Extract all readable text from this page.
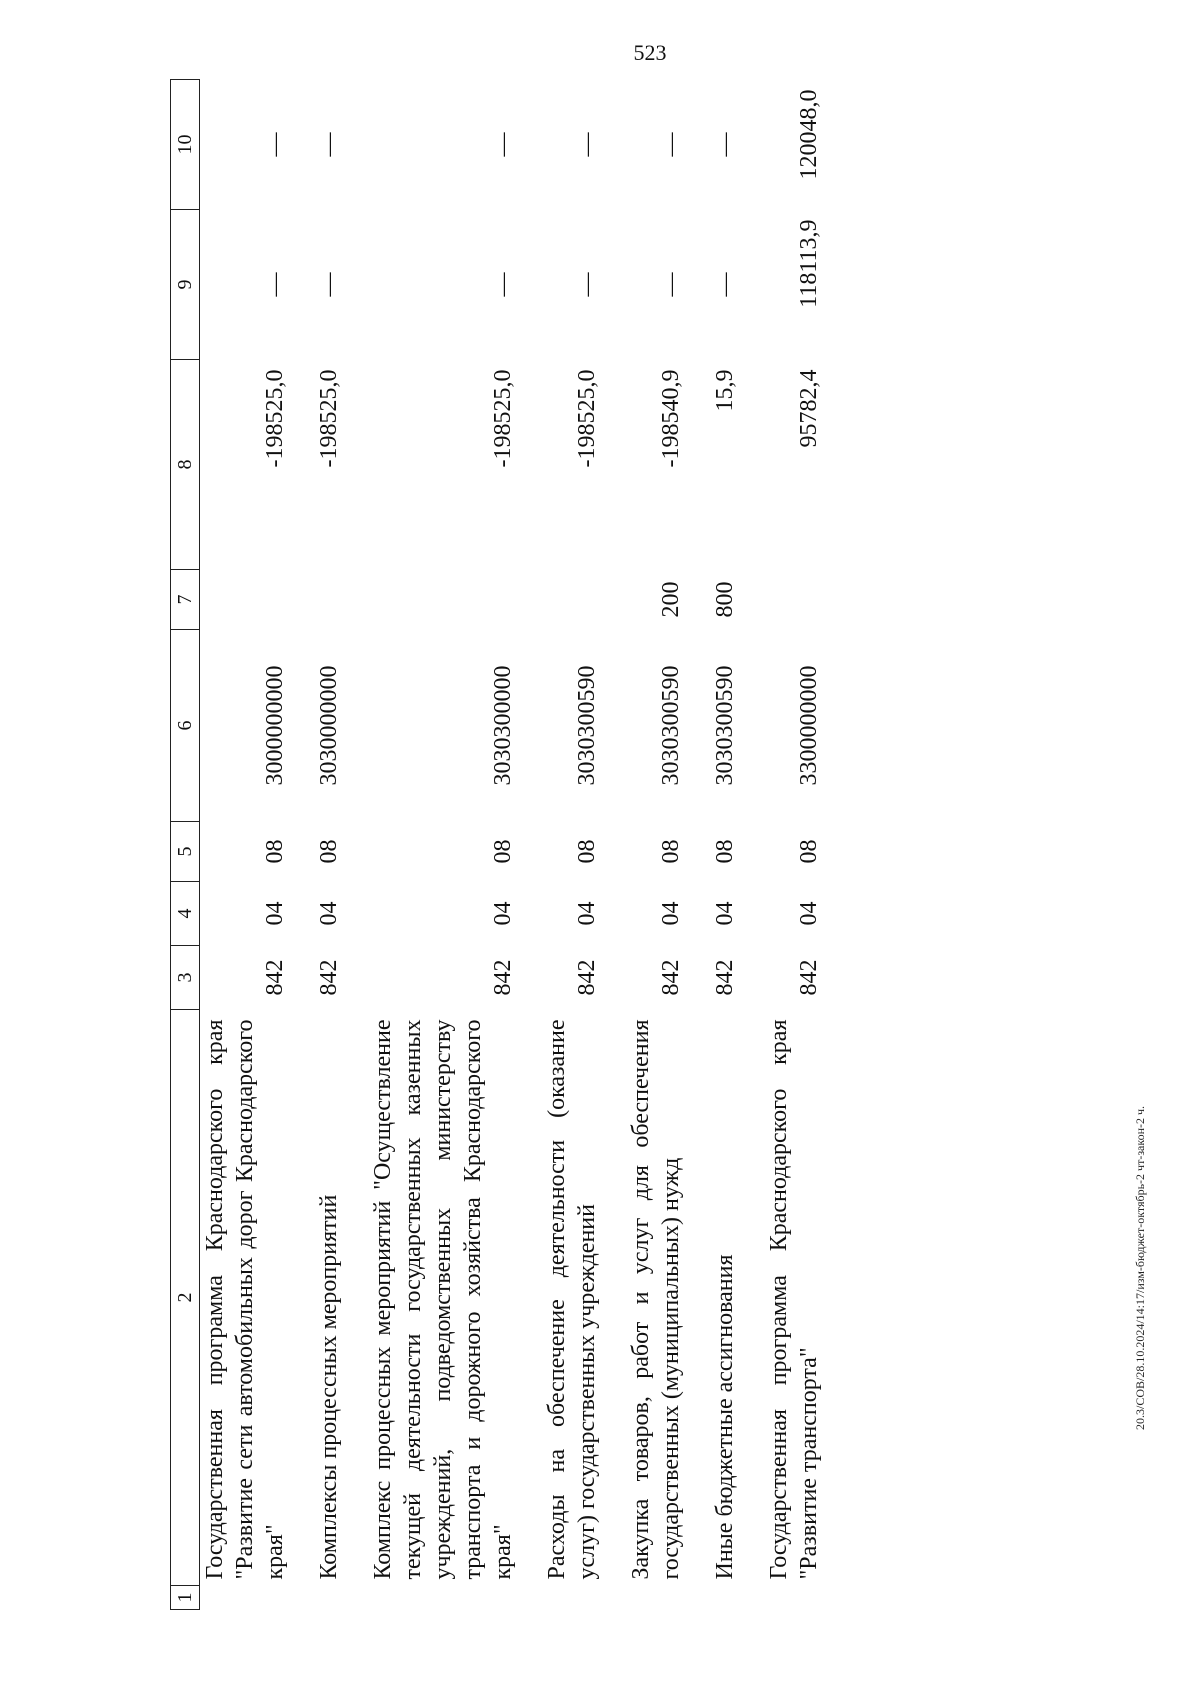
523
20.3/СОВ/28.10.2024/14:17/изм-бюджет-октябрь-2 чт-закон-2 ч.
1	2	3	4	5	6	7	8	9	10
	Государственная программа Краснодарского края "Развитие сети автомобильных дорог Краснодарского края"	842	04	08	3000000000		-198525,0	—	—

	Комплексы процессных мероприятий	842	04	08	3030000000		-198525,0	—	—

	Комплекс процессных мероприятий "Осуществление текущей деятельности государственных казенных учреждений, подведомственных министерству транспорта и дорожного хозяйства Краснодарского края"	842	04	08	3030300000		-198525,0	—	—

	Расходы на обеспечение деятельности (оказание услуг) государственных учреждений	842	04	08	3030300590		-198525,0	—	—

	Закупка товаров, работ и услуг для обеспечения государственных (муниципальных) нужд	842	04	08	3030300590	200	-198540,9	—	—

	Иные бюджетные ассигнования	842	04	08	3030300590	800	15,9	—	—

	Государственная программа Краснодарского края "Развитие транспорта"	842	04	08	3300000000		95782,4	118113,9	120048,0
